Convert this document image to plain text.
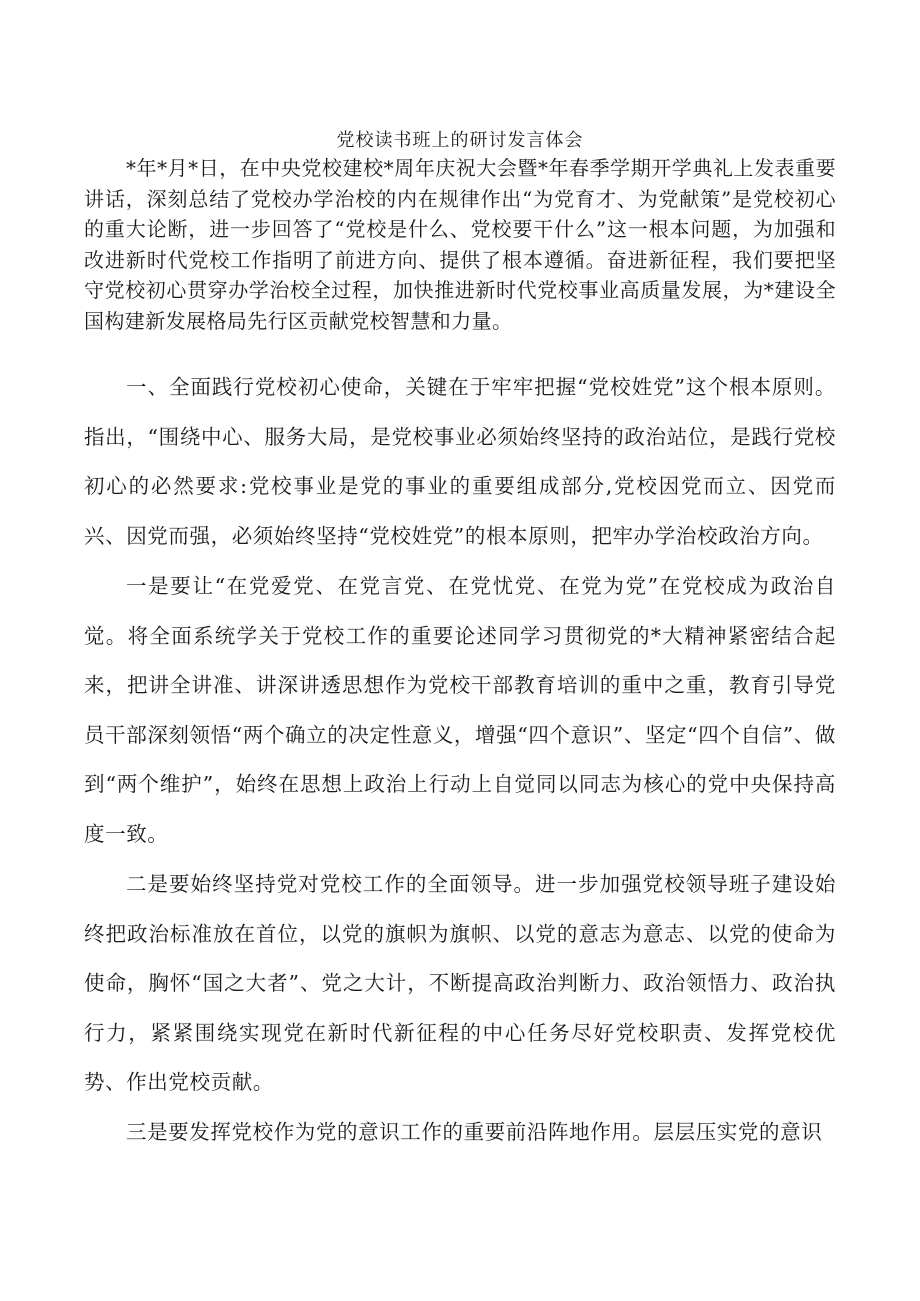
党校读书班上的研讨发言体会

*年*月*日，在中央党校建校*周年庆祝大会暨*年春季学期开学典礼上发表重要讲话，深刻总结了党校办学治校的内在规律作出“为党育才、为党献策”是党校初心的重大论断，进一步回答了“党校是什么、党校要干什么”这一根本问题，为加强和改进新时代党校工作指明了前进方向、提供了根本遵循。奋进新征程，我们要把坚守党校初心贯穿办学治校全过程，加快推进新时代党校事业高质量发展，为*建设全国构建新发展格局先行区贡献党校智慧和力量。

一、全面践行党校初心使命，关键在于牢牢把握“党校姓党”这个根本原则。指出，“围绕中心、服务大局，是党校事业必须始终坚持的政治站位，是践行党校初心的必然要求:党校事业是党的事业的重要组成部分,党校因党而立、因党而兴、因党而强，必须始终坚持“党校姓党”的根本原则，把牢办学治校政治方向。

一是要让“在党爱党、在党言党、在党忧党、在党为党”在党校成为政治自觉。将全面系统学关于党校工作的重要论述同学习贯彻党的*大精神紧密结合起来，把讲全讲准、讲深讲透思想作为党校干部教育培训的重中之重，教育引导党员干部深刻领悟“两个确立的决定性意义，增强“四个意识”、坚定“四个自信”、做到“两个维护”，始终在思想上政治上行动上自觉同以同志为核心的党中央保持高度一致。

二是要始终坚持党对党校工作的全面领导。进一步加强党校领导班子建设始终把政治标准放在首位，以党的旗帜为旗帜、以党的意志为意志、以党的使命为使命，胸怀“国之大者”、党之大计，不断提高政治判断力、政治领悟力、政治执行力，紧紧围绕实现党在新时代新征程的中心任务尽好党校职责、发挥党校优势、作出党校贡献。

三是要发挥党校作为党的意识工作的重要前沿阵地作用。层层压实党的意识
